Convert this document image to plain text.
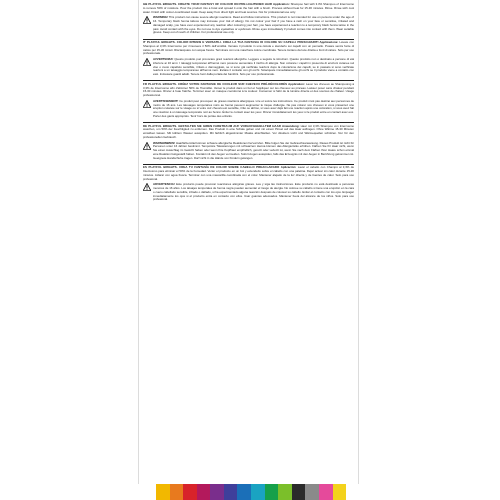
GB PLAYFUL BRIGHTS. CREATE YOUR FANTASY OF COLOUR ON PRE-LIGHTENED HAIR Application: Shampoo hair with 3.3% Shampoo of Intercosmo to remove 50% of moisture. Pour the product into a bowl and spread it onto the hair with a brush. Process without heat for 15-30 minutes. Rinse. Rinse with cool water. Finish with colour-coordinated mask. Keep away from direct light and heat sources. Not for professional use only.
WARNING! This product can cause severe allergic reactions. Read and follow instructions. This product is not intended for use on persons under the age of 16. Temporary black henna tattoos may increase your risk of allergy. Do not colour your hair if you have a rash on your face or sensitive, irritated and damaged scalp, you have ever experienced any reaction after colouring your hair, you have experienced a reaction to a temporary black henna tattoo in the past. Avoid contact with the eyes. Do not use to dye eyelashes or eyebrows. Rinse eyes immediately if product comes into contact with them. Wear suitable gloves. Keep out of reach of children. For professional use only.
IT PLAYFUL BRIGHTS. COLORI INTENSI E VERSATILI. CREA LA TUA FANTASIA DI COLORE SU CAPELLI PRESCHIARITI Applicazione: Lavare con Shampoo al 3,3% Intercosmo per rimuovere il 50% dell'umidità. Versare il prodotto in una ciotola e stenderlo sui capelli con un pennello. Posare senza fonte di calore per 15-30 minuti. Risciacquare con acqua fresca. Terminare con una maschera colore coordinata. Tenere lontano da luce diretta e fonti di calore. Solo per uso professionale.
AVVERTENZA! Questo prodotto può provocare gravi reazioni allergiche. Leggere e seguire le istruzioni. Questo prodotto non è destinato a persone di età inferiore ai 16 anni. I tatuaggi temporanei all'henné nero possono aumentare il rischio di allergia. Non colorare i capelli in presenza di eruzioni cutanee sul viso o cuoio capelluto sensibile, irritato o danneggiato, se si sono già verificate reazioni dopo la colorazione dei capelli, se in passato si sono verificate reazioni a un tatuaggio temporaneo all'henné nero. Evitare il contatto con gli occhi. Sciacquare immediatamente gli occhi se il prodotto viene a contatto con essi. Indossare guanti adatti. Tenere fuori dalla portata dei bambini. Solo per uso professionale.
FR PLAYFUL BRIGHTS. CRÉEZ VOTRE FANTAISIE DE COULEUR SUR CHEVEUX PRÉ-DÉCOLORÉS Application: Laver les cheveux au Shampooing à 3,3% de Intercosmo afin d'éliminer 50% de l'humidité. Verser le produit dans un bol et l'appliquer sur les cheveux au pinceau. Laisser poser sans chaleur pendant 15-30 minutes. Rincer à l'eau fraîche. Terminer avec un masque coordonné à la couleur. Conserver à l'abri de la lumière directe et des sources de chaleur. Usage professionnel.
AVERTISSEMENT! Ce produit peut provoquer de graves réactions allergiques. Lire et suivre les instructions. Ce produit n'est pas destiné aux personnes de moins de 16 ans. Les tatouages temporaires noirs au henné peuvent augmenter le risque d'allergie. Ne pas colorer vos cheveux si vous présentez une éruption cutanée sur le visage ou si votre cuir chevelu est sensible, irrité ou abîmé, si vous avez déjà fait une réaction après une coloration, si vous avez fait une réaction à un tatouage temporaire noir au henné. Éviter le contact avec les yeux. Rincer immédiatement les yeux si le produit entre en contact avec eux. Porter des gants appropriés. Tenir hors de portée des enfants.
DE PLAYFUL BRIGHTS. GESTALTEN SIE IHREN FARBTRAUM AUF VORAUFGEHELLTEM HAAR Anwendung: Haar mit 3,3% Shampoo von Intercosmo waschen, um 50% der Feuchtigkeit zu entfernen. Das Produkt in eine Schale geben und mit einem Pinsel auf das Haar auftragen. Ohne Wärme 15-30 Minuten einwirken lassen. Mit kühlem Wasser ausspülen. Mit farblich abgestimmter Maske abschließen. Vor direktem Licht und Wärmequellen schützen. Nur für den professionellen Gebrauch.
WARNHINWEIS! Haarfärbemittel können schwere allergische Reaktionen hervorrufen. Bitte folgen Sie der Gebrauchsanweisung. Dieses Produkt ist nicht für Personen unter 16 Jahren bestimmt. Temporäre Tätowierungen mit schwarzem Henna können das Allergierisiko erhöhen. Färben Sie Ihr Haar nicht, wenn Sie einen Ausschlag im Gesicht haben oder wenn Ihre Kopfhaut empfindlich, gereizt oder verletzt ist, wenn Sie nach dem Färben Ihrer Haare schon einmal eine Reaktion festgestellt haben. Kontakt mit den Augen vermeiden. Sofort Augen ausspülen, falls das Erzeugnis mit den Augen in Berührung gekommen ist. Geeignete Handschuhe tragen. Darf nicht in die Hände von Kindern gelangen.
ES PLAYFUL BRIGHTS. CREA TU FANTASÍA DE COLOR SOBRE CABELLO PREACLARADO Aplicación: Lavar el cabello con Champú al 3,3% de Intercosmo para eliminar el 50% de la humedad. Verter el producto en un bol y extenderlo sobre el cabello con una paletina. Dejar actuar sin calor durante 15-30 minutos. Aclarar con agua fresca. Terminar con una mascarilla coordinada con el color. Mantener alejado de la luz directa y de fuentes de calor. Solo para uso profesional.
ADVERTENCIA! Este producto puede provocar reacciones alérgicas graves. Lea y siga las instrucciones. Este producto no está destinado a personas menores de 16 años. Los tatuajes temporales de henna negra pueden aumentar el riesgo de alergia. No coloree su cabello si tiene una erupción en la cara o cuero cabelludo sensible, irritado o dañado, si ha experimentado alguna reacción después de colorear su cabello. Evitar el contacto con los ojos. Enjuagar inmediatamente los ojos si el producto entra en contacto con ellos. Usar guantes adecuados. Mantener fuera del alcance de los niños. Solo para uso profesional.
